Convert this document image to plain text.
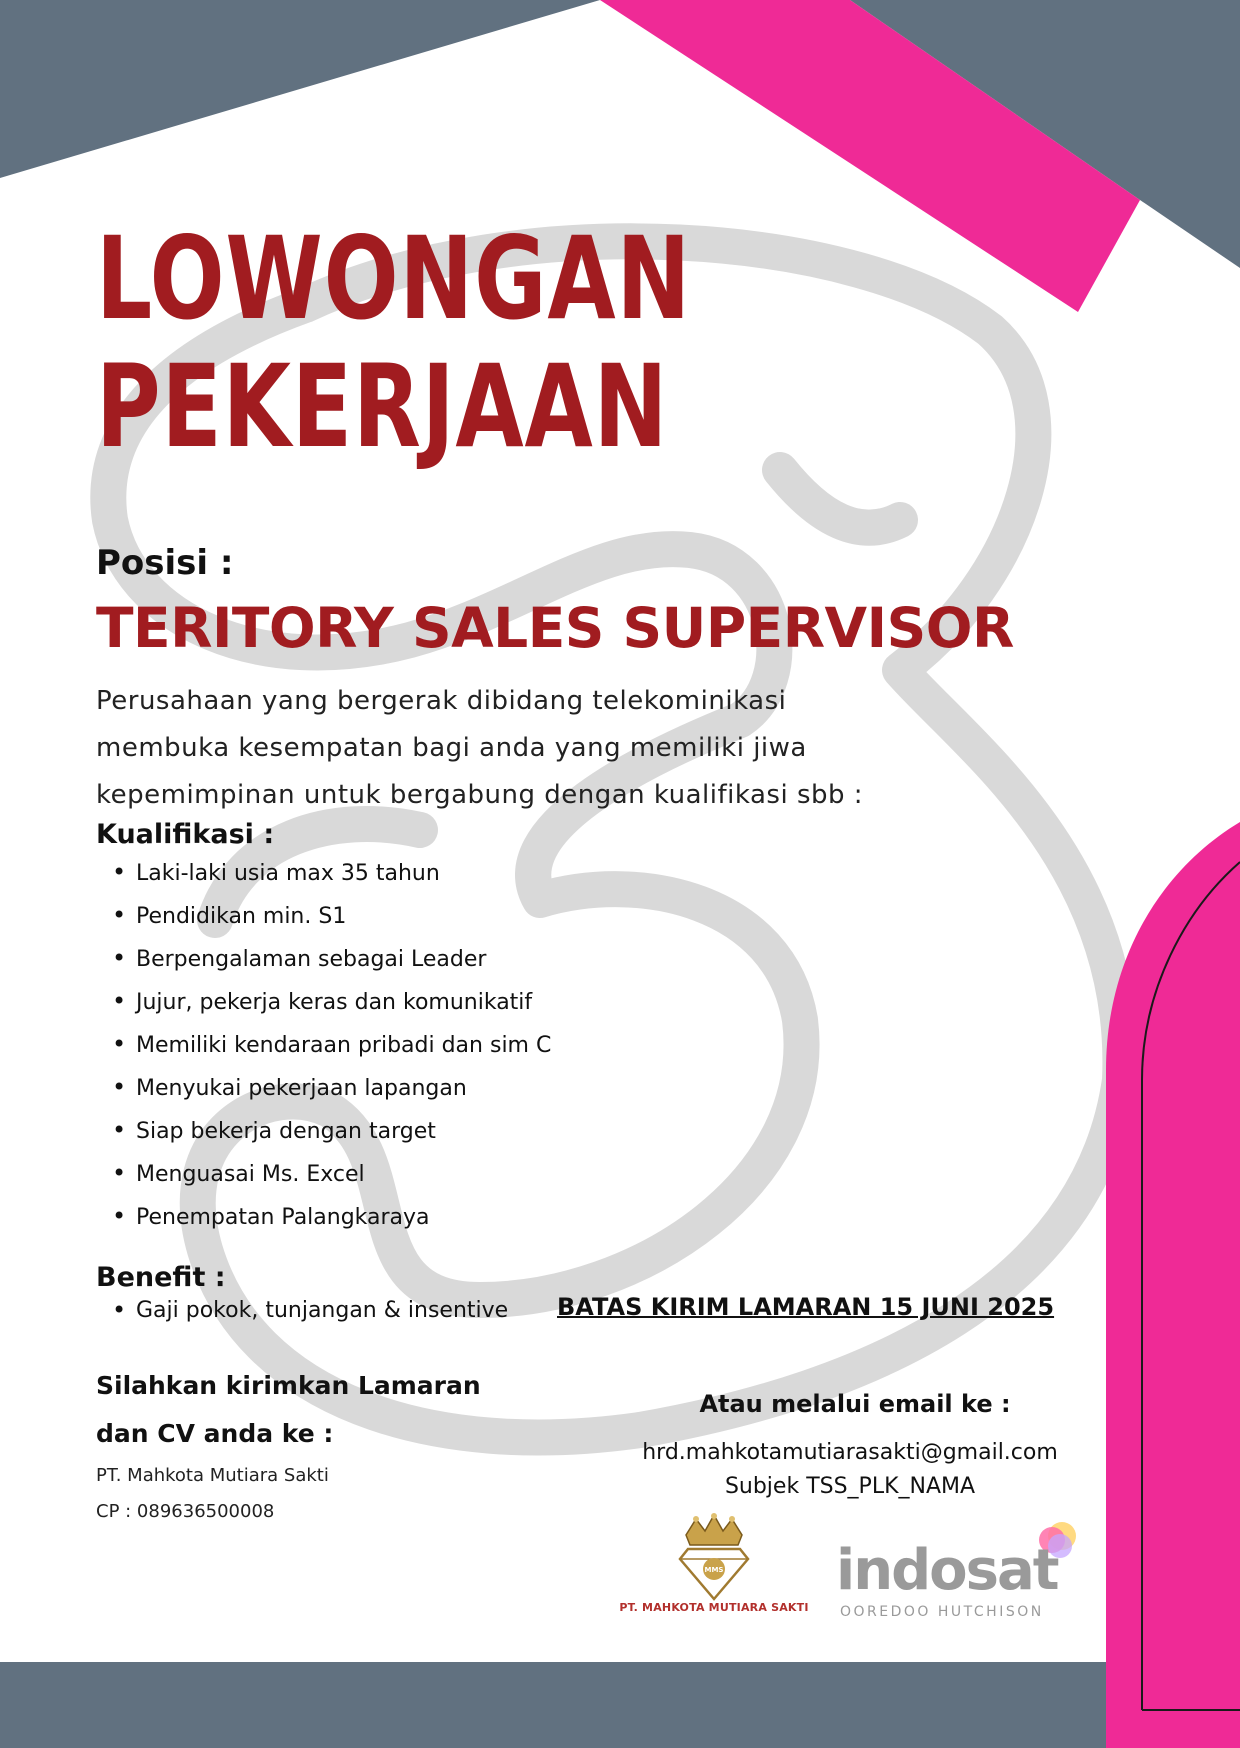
LOWONGAN
PEKERJAAN
Posisi :
TERITORY SALES SUPERVISOR
Perusahaan yang bergerak dibidang telekominikasi
membuka kesempatan bagi anda yang memiliki jiwa
kepemimpinan untuk bergabung dengan kualifikasi sbb :
Kualifikasi :
• Laki-laki usia max 35 tahun
• Pendidikan min. S1
• Berpengalaman sebagai Leader
• Jujur, pekerja keras dan komunikatif
• Memiliki kendaraan pribadi dan sim C
• Menyukai pekerjaan lapangan
• Siap bekerja dengan target
• Menguasai Ms. Excel
• Penempatan Palangkaraya
Benefit :
• Gaji pokok, tunjangan & insentive BATAS KIRIM LAMARAN 15 JUNI 2025
Silahkan kirimkan Lamaran
dan CV anda ke :
PT. Mahkota Mutiara Sakti
CP : 089636500008
Atau melalui email ke :
hrd.mahkotamutiarasakti@gmail.com
Subjek TSS_PLK_NAMA
MMS
PT. MAHKOTA MUTIARA SAKTI
indosat
OOREDOO HUTCHISON
